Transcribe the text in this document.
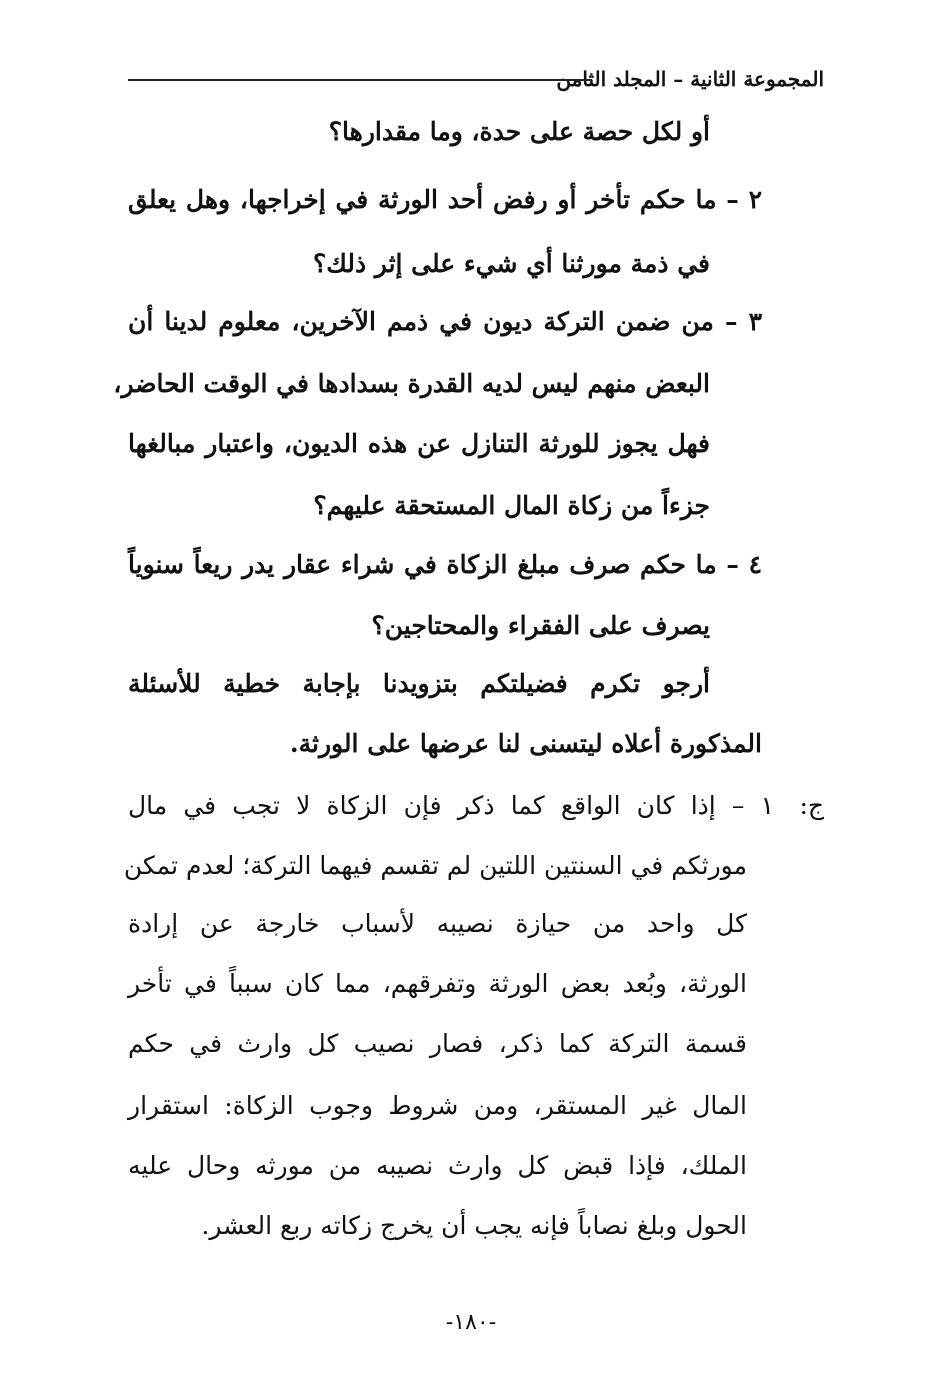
المجموعة الثانية – المجلد الثامن
أو لكل حصة على حدة، وما مقدارها؟
٢ – ما حكم تأخر أو رفض أحد الورثة في إخراجها، وهل يعلق
في ذمة مورثنا أي شيء على إثر ذلك؟
٣ – من ضمن التركة ديون في ذمم الآخرين، معلوم لدينا أن
البعض منهم ليس لديه القدرة بسدادها في الوقت الحاضر،
فهل يجوز للورثة التنازل عن هذه الديون، واعتبار مبالغها
جزءاً من زكاة المال المستحقة عليهم؟
٤ – ما حكم صرف مبلغ الزكاة في شراء عقار يدر ريعاً سنوياً
يصرف على الفقراء والمحتاجين؟
أرجو تكرم فضيلتكم بتزويدنا بإجابة خطية للأسئلة
المذكورة أعلاه ليتسنى لنا عرضها على الورثة.
ج:
١ – إذا كان الواقع كما ذكر فإن الزكاة لا تجب في مال
مورثكم في السنتين اللتين لم تقسم فيهما التركة؛ لعدم تمكن
كل واحد من حيازة نصيبه لأسباب خارجة عن إرادة
الورثة، وبُعد بعض الورثة وتفرقهم، مما كان سبباً في تأخر
قسمة التركة كما ذكر، فصار نصيب كل وارث في حكم
المال غير المستقر، ومن شروط وجوب الزكاة: استقرار
الملك، فإذا قبض كل وارث نصيبه من مورثه وحال عليه
الحول وبلغ نصاباً فإنه يجب أن يخرج زكاته ربع العشر.
-١٨٠-
